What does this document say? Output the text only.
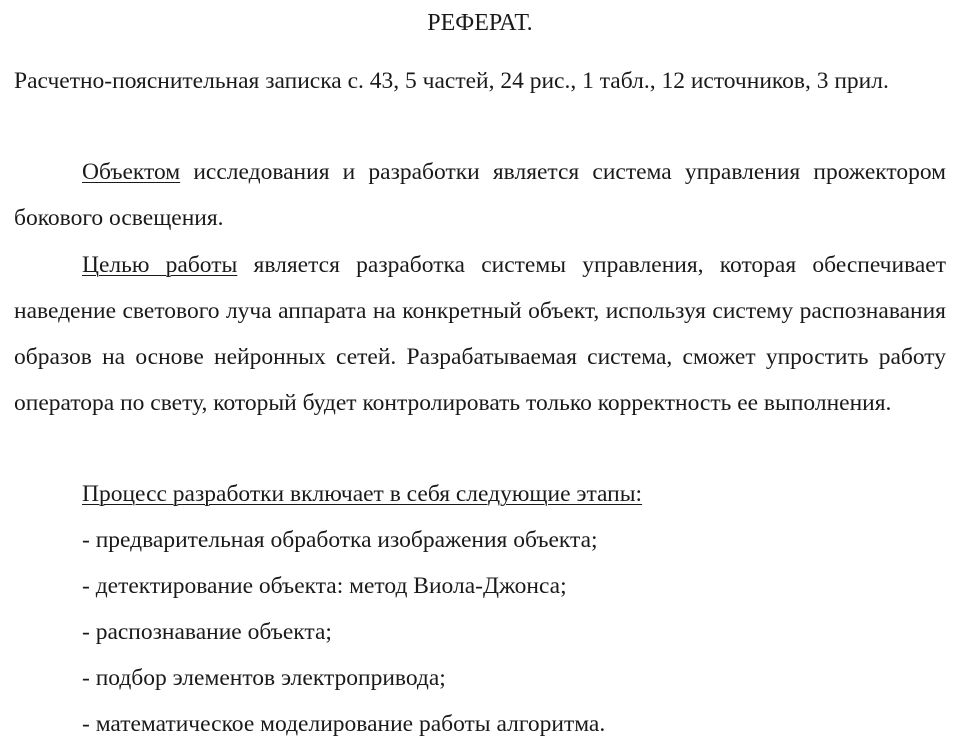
РЕФЕРАТ.
Расчетно-пояснительная записка с. 43, 5 частей, 24 рис., 1 табл., 12 источников, 3 прил.
Объектом исследования и разработки является система управления прожектором бокового освещения.
Целью работы является разработка системы управления, которая обеспечивает наведение светового луча аппарата на конкретный объект, используя систему распознавания образов на основе нейронных сетей. Разрабатываемая система, сможет упростить работу оператора по свету, который будет контролировать только корректность ее выполнения.
Процесс разработки включает в себя следующие этапы:
- предварительная обработка изображения объекта;
- детектирование объекта: метод Виола-Джонса;
- распознавание объекта;
- подбор элементов электропривода;
- математическое моделирование работы алгоритма.
